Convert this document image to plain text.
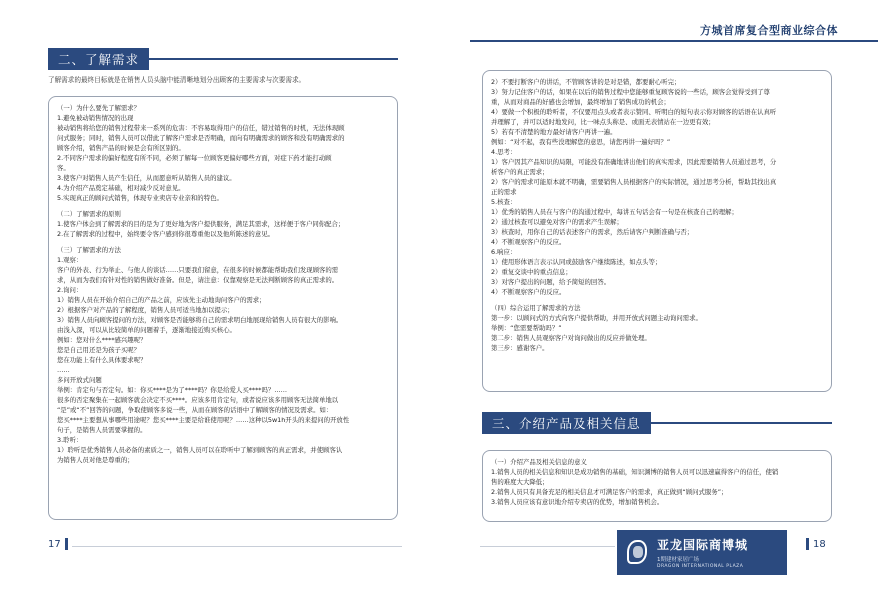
方城首席复合型商业综合体
二、了解需求
了解需求的最终目标就是在销售人员头脑中能清晰地划分出顾客的主要需求与次要需求。

（一）为什么要先了解需求？

1.避免被动销售情况的出现

被动销售将给您的销售过程带来一系列的危害：不容易取得用户的信任，错过销售的时机，无法体现顾

问式服务；同时，销售人员可以借此了解客户需求是否明确，而向有明确需求的顾客和没有明确需求的

顾客介绍，销售产品的时候是会有所区别的。

2.不同客户需求的偏好程度有所不同，必须了解每一位顾客更偏好哪些方面，对症下药才能打动顾

客。

3.使客户对销售人员产生信任，从而愿意听从销售人员的建议。

4.为介绍产品奠定基础，相对减少反对意见。

5.实现真正的顾问式销售，体现专业卖店专业亲和的特色。

（二）了解需求的原则

1.使客户体会到了解需求的目的是为了更好地为客户提供服务，满足其需求，这样便于客户同你配合；

2.在了解需求的过程中，始终要令客户感到你很尊重他以及他所陈述的意见。

（三）了解需求的方法

1.观察：

客户的外表、行为举止、与他人的谈话……只要我们留意，在很多的时候都能帮助我们发现顾客的需

求，从而为我们有针对性的销售做好准备。但是，请注意：仅靠观察是无法判断顾客的真正需求的。

2.询问：

1）销售人员在开始介绍自己的产品之前，应该先主动地询问客户的需求；

2）根据客户对产品的了解程度，销售人员可适当地加以提示；

3）销售人员向顾客提问的方法，对顾客是否能够将自己的需求明白地展现给销售人员有很大的影响。

由浅入深，可以从比较简单的问题着手，逐渐地接近购买核心。

例如：您对什么****感兴趣呢？

您是自己用还是为孩子买呢？

您在功能上有什么具体要求呢？

……

多问开放式问题

举例：肯定句与否定句。如：你买****是为了****吗？你是给爱人买****吗？……

很多的否定聚集在一起顾客就会决定不买****。应该多用肯定句，或者说应该多用顾客无法简单地以

“是”或“不”回答的问题，争取使顾客多说一些，从而在顾客的话语中了解顾客的情况及需求。如：

您买****主要想从事哪些用途呢？您买****主要是给谁使用呢？……这种以5w1h开头的来提问的开放性

句子，是销售人员需要掌握的。

3.聆听：

1）聆听是优秀销售人员必备的素质之一，销售人员可以在聆听中了解到顾客的真正需求，并使顾客认

为销售人员对他是尊重的；

2）不要打断客户的讲话，不管顾客讲的是对是错，都要耐心听完；

3）努力记住客户的话，如果在以后的销售过程中您能够重复顾客说的一些话，顾客会觉得受到了尊

重，从而对商品的好感也会增加，最终增加了销售成功的机会；

4）要做一个积极的聆听者，不仅要用点头或者表示赞同、听明白的短句表示你对顾客的话语在认真听

并理解了，并可以适时地发问，比一味点头称是、或面无表情站在一边更有效；

5）若有不清楚的地方最好请客户再讲一遍。

例如：“对不起，我有些没理解您的意思，请您再讲一遍好吗？”

4.思考：

1）客户因其产品知识的局限，可能没有准确地讲出他们的真实需求，因此需要销售人员通过思考，分

析客户的真正需求；

2）客户的需求可能原本就不明确，需要销售人员根据客户的实际情况，通过思考分析，帮助其找出真

正的需求

5.核查：

1）优秀的销售人员在与客户的沟通过程中，每讲五句话会有一句是在核查自己的理解；

2）通过核查可以避免对客户的需求产生误解；

3）核查时，用你自己的话表述客户的需求，然后请客户判断准确与否；

4）不断观察客户的反应。

6.响应：

1）使用形体语言表示认同或鼓励客户继续陈述，如点头等；

2）重复交谈中的重点信息；

3）对客户提出的问题，给予简短的回答。

4）不断观察客户的反应。

（四）综合运用了解需求的方法

第一步：以顾问式的方式向客户提供帮助，并用开放式问题主动询问需求。

举例：“您需要帮助吗？”

第二步：销售人员观察客户对询问做出的反应并做处理。

第三步：感谢客户。

三、介绍产品及相关信息

（一）介绍产品及相关信息的意义

1.销售人员的相关信息和知识是成功销售的基础，知识渊博的销售人员可以迅速赢得客户的信任，使销

售的难度大大降低；

2.销售人员只有具备充足的相关信息才可满足客户的需求，真正做到“顾问式服务”；

3.销售人员应该有意识地介绍专卖店的优势，增加销售机会。

17	亚龙国际商博城
1期建材家居广场
DRAGON INTERNATIONAL PLAZA
18
